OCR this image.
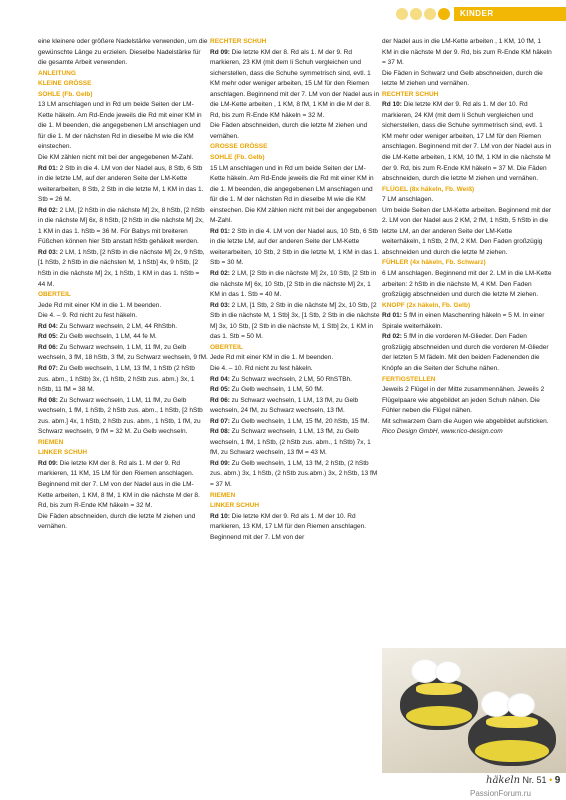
KINDER

eine kleinere oder größere Nadelstärke verwenden, um die gewünschte Länge zu erzielen. Dieselbe Nadelstärke für die gesamte Arbeit verwenden.

ANLEITUNG

KLEINE GRÖSSE

SOHLE (Fb. Gelb)

13 LM anschlagen und in Rd um beide Seiten der LM-Kette häkeln. Am Rd-Ende jeweils die Rd mit einer KM in die 1. M beenden, die angegebenen LM anschlagen und für die 1. M der nächsten Rd in dieselbe M wie die KM einstechen.

Die KM zählen nicht mit bei der angegebenen M-Zahl.

Rd 01: 2 Stb in die 4. LM von der Nadel aus, 8 Stb, 6 Stb in die letzte LM, auf der anderen Seite der LM-Kette weiterarbeiten, 8 Stb, 2 Stb in die letzte M, 1 KM in das 1. Stb = 26 M.

Rd 02: 2 LM, [2 hStb in die nächste M] 2x, 8 hStb, [2 hStb in die nächste M] 6x, 8 hStb, [2 hStb in die nächste M] 2x, 1 KM in das 1. hStb = 36 M. Für Babys mit breiteren Füßchen können hier Stb anstatt hStb gehäkelt werden.

Rd 03: 2 LM, 1 hStb, [2 hStb in die nächste M] 2x, 9 hStb, [1 hStb, 2 hStb in die nächsten M, 1 hStb] 4x, 9 hStb, [2 hStb in die nächste M] 2x, 1 hStb, 1 KM in das 1. hStb = 44 M.

OBERTEIL

Jede Rd mit einer KM in die 1. M beenden.

Die 4. – 9. Rd nicht zu fest häkeln.

Rd 04: Zu Schwarz wechseln, 2 LM, 44 RhStbh.

Rd 05: Zu Gelb wechseln, 1 LM, 44 fe M.

Rd 06: Zu Schwarz wechseln, 1 LM, 11 fM, zu Gelb wechseln, 3 fM, 18 hStb, 3 fM, zu Schwarz wechseln, 9 fM.

Rd 07: Zu Gelb wechseln, 1 LM, 13 fM, 1 hStb (2 hStb zus. abm., 1 hStb) 3x, (1 hStb, 2 hStb zus. abm.) 3x, 1 hStb, 11 fM = 38 M.

Rd 08: Zu Schwarz wechseln, 1 LM, 11 fM, zu Gelb wechseln, 1 fM, 1 hStb, 2 hStb zus. abm., 1 hStb, [2 hStb zus. abm.] 4x, 1 hStb, 2 hStb zus. abm., 1 hStb, 1 fM, zu Schwarz wechseln, 9 fM = 32 M. Zu Gelb wechseln.

RIEMEN

LINKER SCHUH

Rd 09: Die letzte KM der 8. Rd als 1. M der 9. Rd markieren, 11 KM, 15 LM für den Riemen anschlagen. Beginnend mit der 7. LM von der Nadel aus in die LM-Kette arbeiten, 1 KM, 8 fM, 1 KM in die nächste M der 8. Rd, bis zum R-Ende KM häkeln = 32 M.

Die Fäden abschneiden, durch die letzte M ziehen und vernähen.

RECHTER SCHUH

Rd 09: Die letzte KM der 8. Rd als 1. M der 9. Rd markieren, 23 KM (mit dem li Schuh vergleichen und sicherstellen, dass die Schuhe symmetrisch sind, evtl. 1 KM mehr oder weniger arbeiten, 15 LM für den Riemen anschlagen. Beginnend mit der 7. LM von der Nadel aus in die LM-Kette arbeiten , 1 KM, 8 fM, 1 KM in die M der 8. Rd, bis zum R-Ende KM häkeln = 32 M.

Die Fäden abschneiden, durch die letzte M ziehen und vernähen.

GROSSE GRÖSSE

SOHLE (Fb. Gelb)

15 LM anschlagen und in Rd um beide Seiten der LM-Kette häkeln. Am Rd-Ende jeweils die Rd mit einer KM in die 1. M beenden, die angegebenen LM anschlagen und für die 1. M der nächsten Rd in dieselbe M wie die KM einstechen. Die KM zählen nicht mit bei der angegebenen M-Zahl.

Rd 01: 2 Stb in die 4. LM von der Nadel aus, 10 Stb, 6 Stb in die letzte LM, auf der anderen Seite der LM-Kette weiterarbeiten, 10 Stb, 2 Stb in die letzte M, 1 KM in das 1. Stb = 30 M.

Rd 02: 2 LM, [2 Stb in die nächste M] 2x, 10 Stb, [2 Stb in die nächste M] 6x, 10 Stb, [2 Stb in die nächste M] 2x, 1 KM in das 1. Stb = 40 M.

Rd 03: 2 LM, [1 Stb, 2 Stb in die nächste M] 2x, 10 Stb, [2 Stb in die nächste M, 1 Stb] 3x, [1 Stb, 2 Stb in die nächste M] 3x, 10 Stb, [2 Stb in die nächste M, 1 Stb] 2x, 1 KM in das 1. Stb = 50 M.

OBERTEIL

Jede Rd mit einer KM in die 1. M beenden.

Die 4. – 10. Rd nicht zu fest häkeln.

Rd 04: Zu Schwarz wechseln, 2 LM, 50 RhSTBh.

Rd 05: Zu Gelb wechseln, 1 LM, 50 fM.

Rd 06: zu Schwarz wechseln, 1 LM, 13 fM, zu Gelb wechseln, 24 fM, zu Schwarz wechseln, 13 fM.

Rd 07: Zu Gelb wechseln, 1 LM, 15 fM, 20 hStb, 15 fM.

Rd 08: Zu Schwarz wechseln, 1 LM, 13 fM, zu Gelb wechseln, 1 fM, 1 hStb, (2 hStb zus. abm., 1 hStb) 7x, 1 fM, zu Schwarz wechseln, 13 fM = 43 M.

Rd 09: Zu Gelb wechseln, 1 LM, 13 fM, 2 hStb, (2 hStb zus. abm.) 3x, 1 hStb, (2 hStb zus.abm.) 3x, 2 hStb, 13 fM = 37 M.

RIEMEN

LINKER SCHUH

Rd 10: Die letzte KM der 9. Rd als 1. M der 10. Rd markieren, 13 KM, 17 LM für den Riemen anschlagen. Beginnend mit der 7. LM von der

der Nadel aus in die LM-Kette arbeiten , 1 KM, 10 fM, 1 KM in die nächste M der 9. Rd, bis zum R-Ende KM häkeln = 37 M.

Die Fäden in Schwarz und Gelb abschneiden, durch die letzte M ziehen und vernähen.

RECHTER SCHUH

Rd 10: Die letzte KM der 9. Rd als 1. M der 10. Rd markieren, 24 KM (mit dem li Schuh vergleichen und sicherstellen, dass die Schuhe symmetrisch sind, evtl. 1 KM mehr oder weniger arbeiten, 17 LM für den Riemen anschlagen. Beginnend mit der 7. LM von der Nadel aus in die LM-Kette arbeiten, 1 KM, 10 fM, 1 KM in die nächste M der 9. Rd, bis zum R-Ende KM häkeln = 37 M. Die Fäden abschneiden, durch die letzte M ziehen und vernähen.

FLÜGEL (8x häkeln, Fb. Weiß)

7 LM anschlagen.

Um beide Seiten der LM-Kette arbeiten. Beginnend mit der 2. LM von der Nadel aus 2 KM, 2 fM, 1 hStb, 5 hStb in die letzte LM, an der anderen Seite der LM-Kette weiterhäkeln, 1 hStb, 2 fM, 2 KM. Den Faden großzügig abschneiden und durch die letzte M ziehen.

FÜHLER (4x häkeln, Fb. Schwarz)

6 LM anschlagen. Beginnend mit der 2. LM in die LM-Kette arbeiten: 2 hStb in die nächste M, 4 KM. Den Faden großzügig abschneiden und durch die letzte M ziehen.

KNOPF (2x häkeln, Fb. Gelb)

Rd 01: 5 fM in einen Maschenring häkeln = 5 M. In einer Spirale weiterhäkeln.

Rd 02: 5 fM in die vorderen M-Glieder. Den Faden großzügig abschneiden und durch die vorderen M-Glieder der letzten 5 M fädeln. Mit den beiden Fadenenden die Knöpfe an die Seiten der Schuhe nähen.

FERTIGSTELLEN

Jeweils 2 Flügel in der Mitte zusammennähen. Jeweils 2 Flügelpaare wie abgebildet an jeden Schuh nähen. Die Fühler neben die Flügel nähen.

Mit schwarzem Garn die Augen wie abgebildet aufsticken.

Rico Design GmbH, www.rico-design.com

häkeln Nr. 51 • 9
PassionForum.ru
